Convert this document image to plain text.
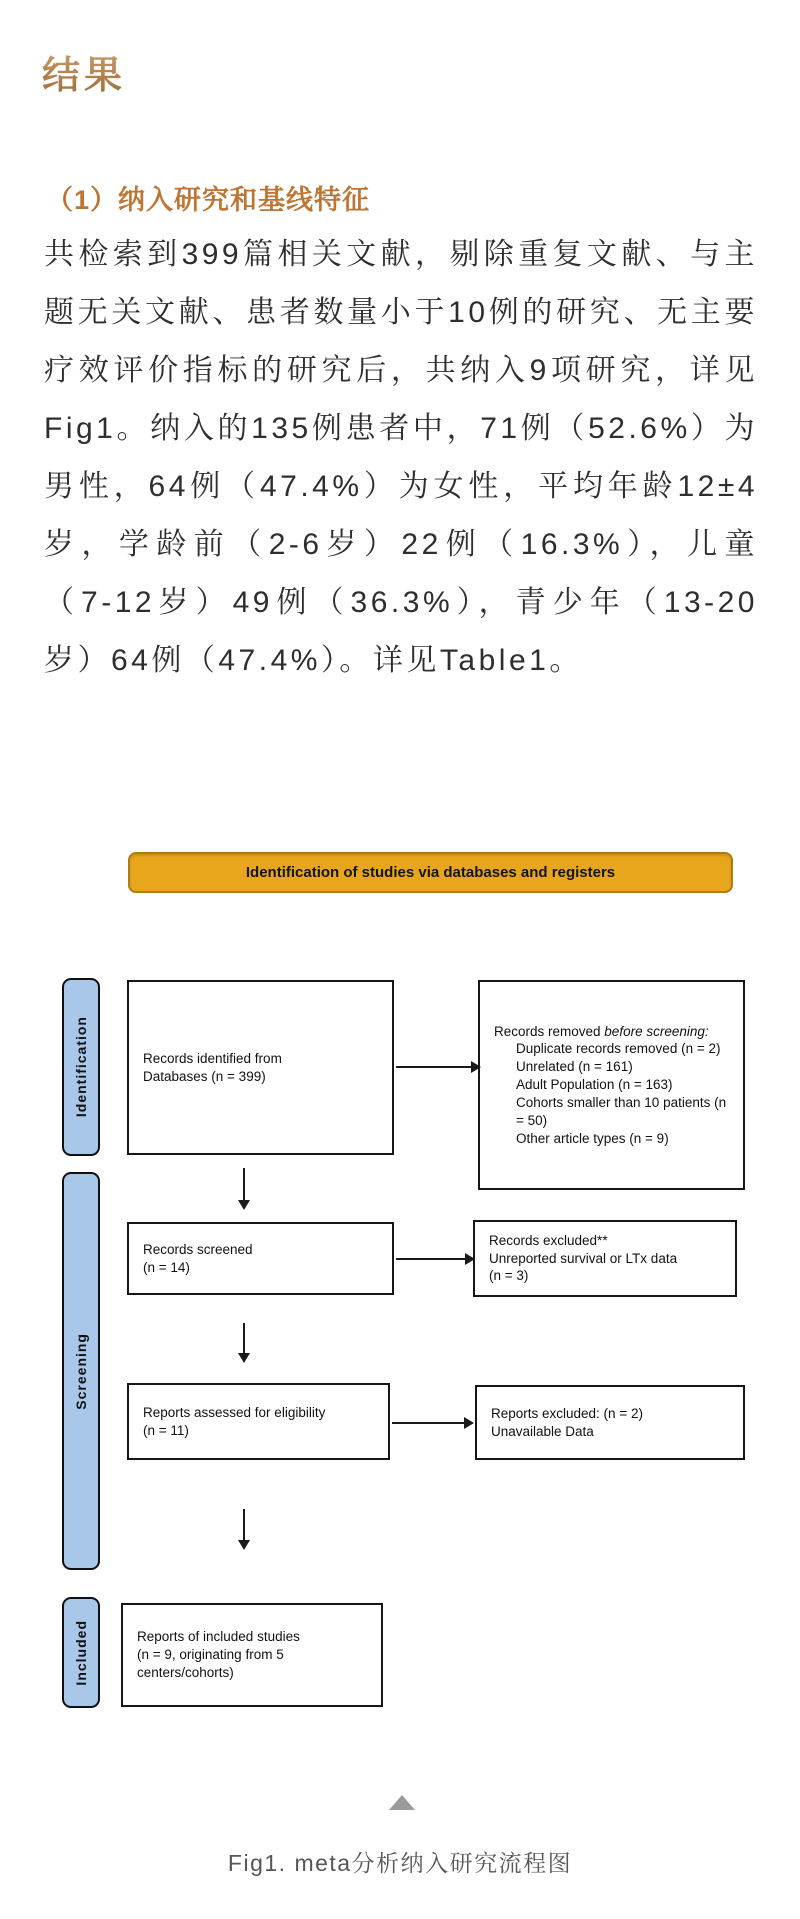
结果
（1）纳入研究和基线特征

共检索到399篇相关文献，剔除重复文献、与主题无关文献、患者数量小于10例的研究、无主要疗效评价指标的研究后，共纳入9项研究，详见Fig1。纳入的135例患者中，71例（52.6%）为男性，64例（47.4%）为女性，平均年龄12±4岁，学龄前（2-6岁）22例（16.3%），儿童（7-12岁）49例（36.3%），青少年（13-20岁）64例（47.4%）。详见Table1。

Identification of studies via databases and registers
Identification
Screening
Included
Records identified from
Databases (n = 399)
Records removed before screening:
Duplicate records removed (n = 2)
Unrelated (n = 161)
Adult Population (n = 163)
Cohorts smaller than 10 patients (n = 50)
Other article types (n = 9)
Records screened
(n = 14)
Records excluded**
Unreported survival or LTx data
(n = 3)
Reports assessed for eligibility
(n = 11)
Reports excluded: (n = 2)
Unavailable Data
Reports of included studies
(n = 9, originating from 5
centers/cohorts)
Fig1. meta分析纳入研究流程图
